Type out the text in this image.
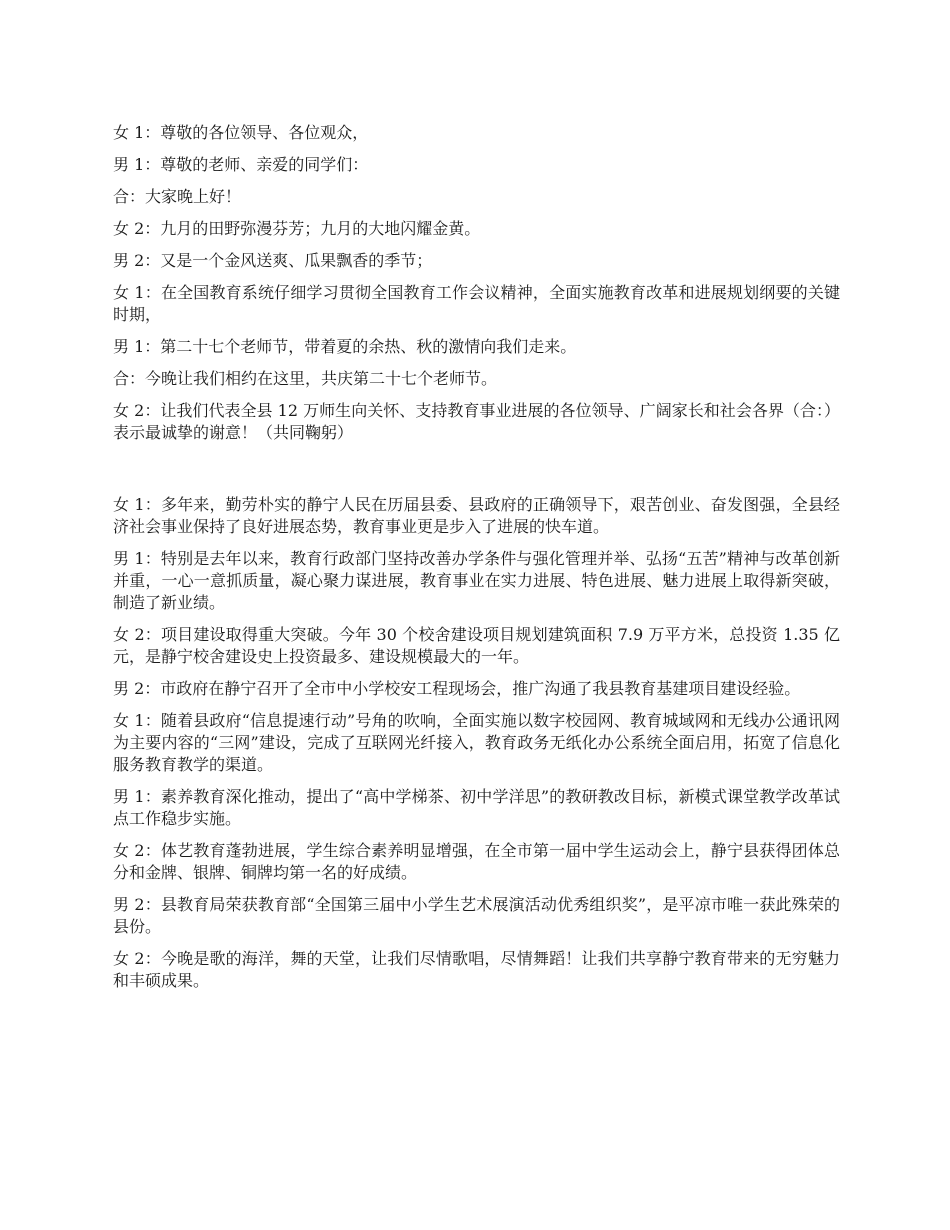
女 1：尊敬的各位领导、各位观众，

男 1：尊敬的老师、亲爱的同学们：

合：大家晚上好！

女 2：九月的田野弥漫芬芳；九月的大地闪耀金黄。

男 2：又是一个金风送爽、瓜果飘香的季节；

女 1：在全国教育系统仔细学习贯彻全国教育工作会议精神，全面实施教育改革和进展规划纲要的关键时期，

男 1：第二十七个老师节，带着夏的余热、秋的激情向我们走来。

合：今晚让我们相约在这里，共庆第二十七个老师节。

女 2：让我们代表全县 12 万师生向关怀、支持教育事业进展的各位领导、广阔家长和社会各界（合：）表示最诚挚的谢意！（共同鞠躬）

女 1：多年来，勤劳朴实的静宁人民在历届县委、县政府的正确领导下，艰苦创业、奋发图强，全县经济社会事业保持了良好进展态势，教育事业更是步入了进展的快车道。

男 1：特别是去年以来，教育行政部门坚持改善办学条件与强化管理并举、弘扬“五苦”精神与改革创新并重，一心一意抓质量，凝心聚力谋进展，教育事业在实力进展、特色进展、魅力进展上取得新突破，制造了新业绩。

女 2：项目建设取得重大突破。今年 30 个校舍建设项目规划建筑面积 7.9 万平方米，总投资 1.35 亿元，是静宁校舍建设史上投资最多、建设规模最大的一年。

男 2：市政府在静宁召开了全市中小学校安工程现场会，推广沟通了我县教育基建项目建设经验。

女 1：随着县政府“信息提速行动”号角的吹响，全面实施以数字校园网、教育城域网和无线办公通讯网为主要内容的“三网”建设，完成了互联网光纤接入，教育政务无纸化办公系统全面启用，拓宽了信息化服务教育教学的渠道。

男 1：素养教育深化推动，提出了“高中学梯茶、初中学洋思”的教研教改目标，新模式课堂教学改革试点工作稳步实施。

女 2：体艺教育蓬勃进展，学生综合素养明显增强，在全市第一届中学生运动会上，静宁县获得团体总分和金牌、银牌、铜牌均第一名的好成绩。

男 2：县教育局荣获教育部“全国第三届中小学生艺术展演活动优秀组织奖”，是平凉市唯一获此殊荣的县份。

女 2：今晚是歌的海洋，舞的天堂，让我们尽情歌唱，尽情舞蹈！让我们共享静宁教育带来的无穷魅力和丰硕成果。
